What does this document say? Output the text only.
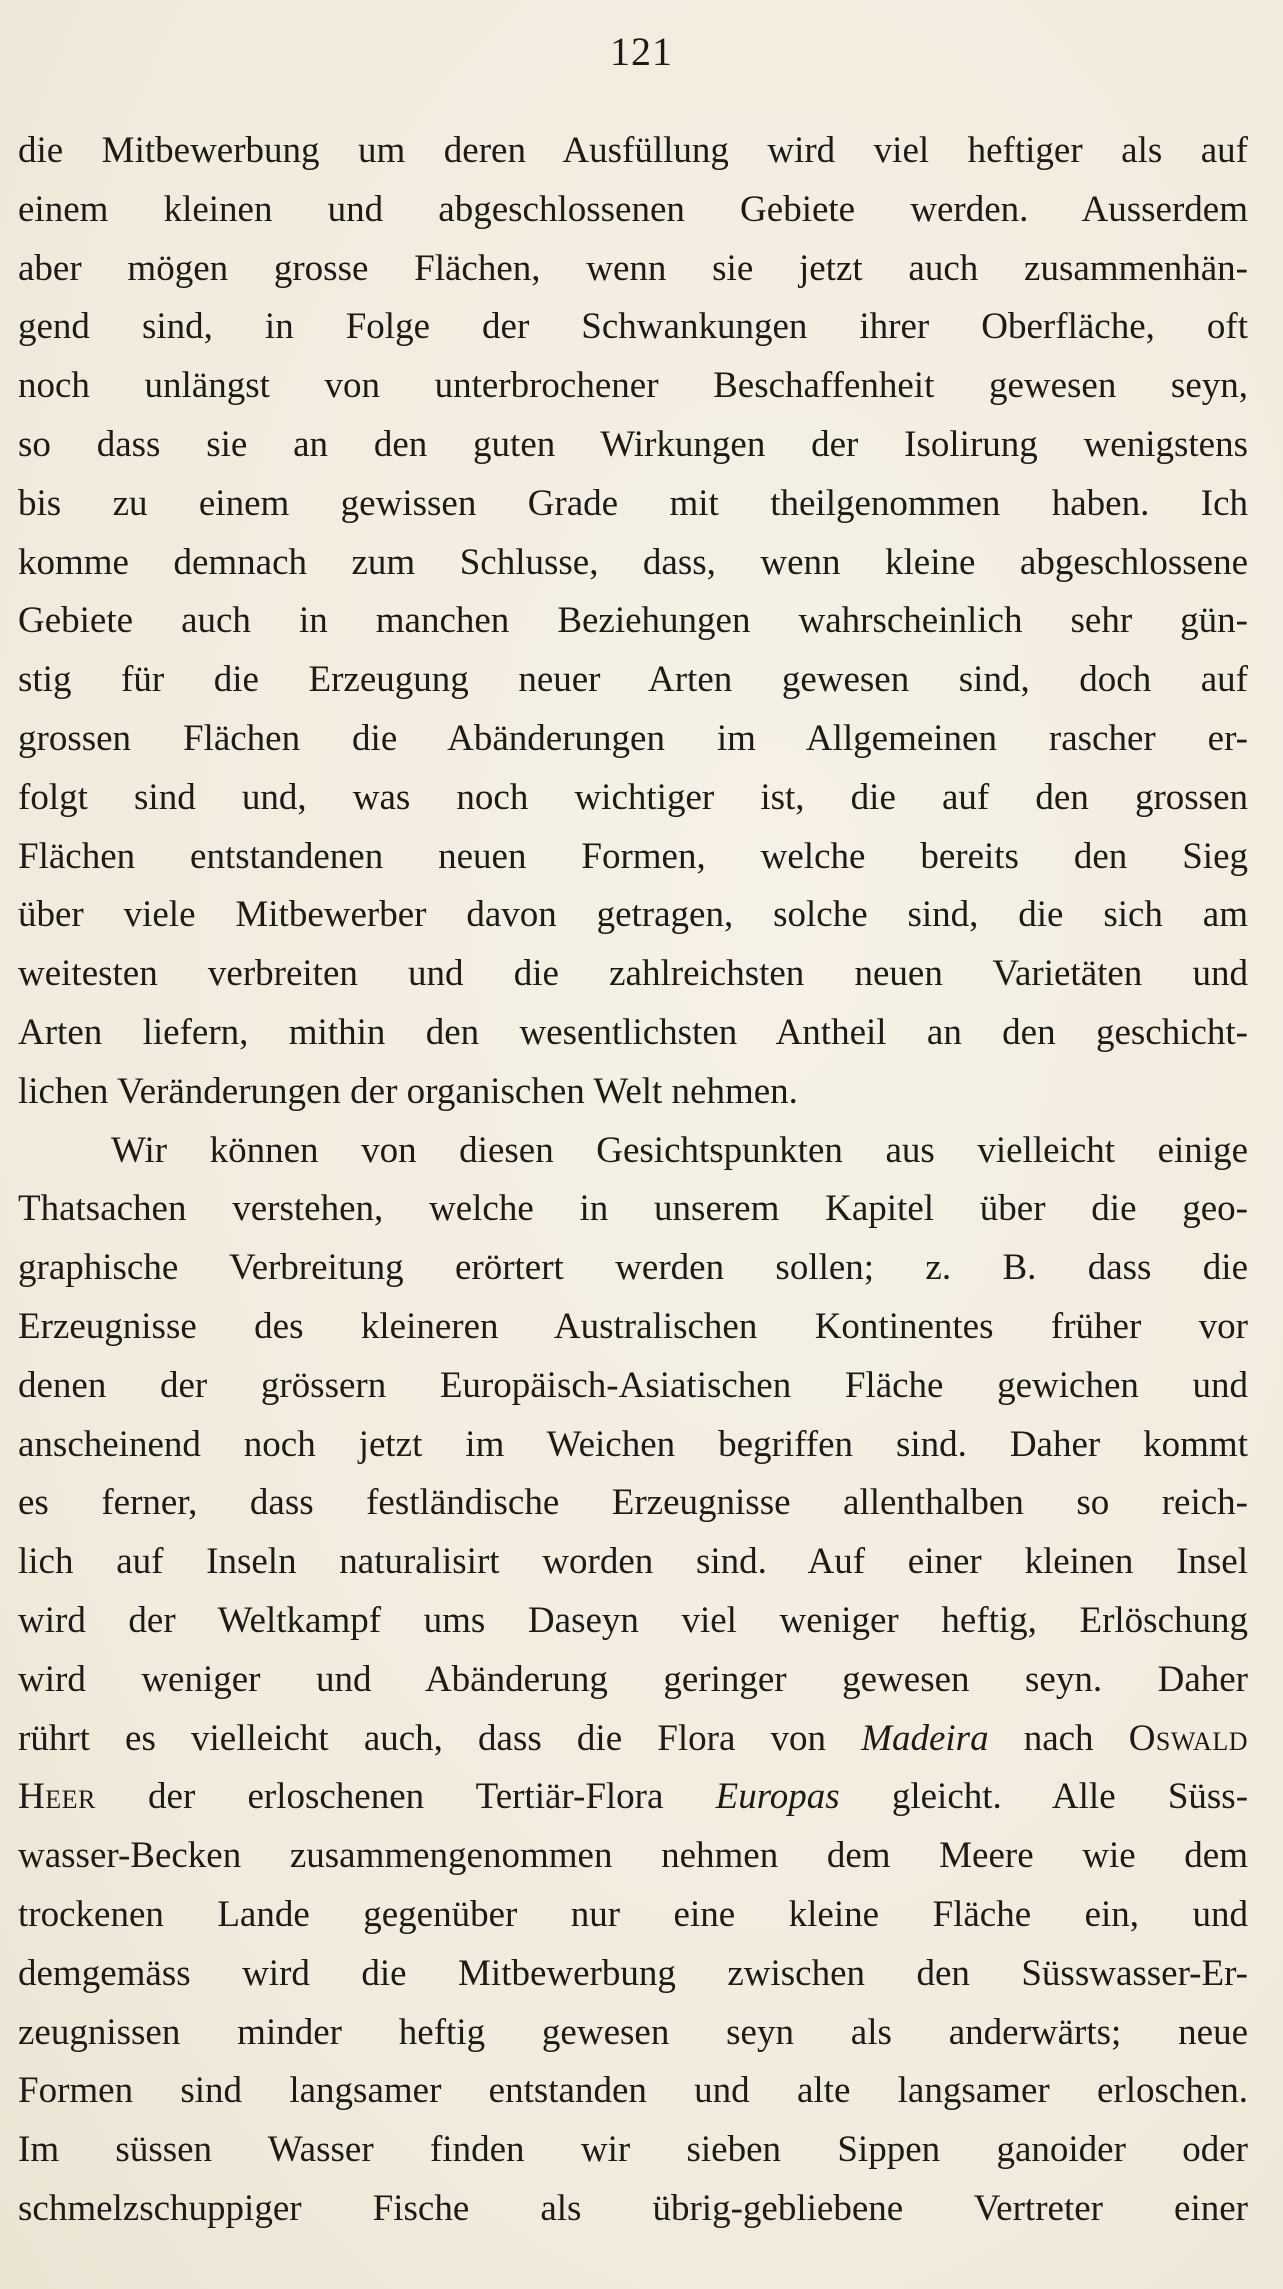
121
die Mitbewerbung um deren Ausfüllung wird viel heftiger als auf
einem kleinen und abgeschlossenen Gebiete werden. Ausserdem
aber mögen grosse Flächen, wenn sie jetzt auch zusammenhän-
gend sind, in Folge der Schwankungen ihrer Oberfläche, oft
noch unlängst von unterbrochener Beschaffenheit gewesen seyn,
so dass sie an den guten Wirkungen der Isolirung wenigstens
bis zu einem gewissen Grade mit theilgenommen haben. Ich
komme demnach zum Schlusse, dass, wenn kleine abgeschlossene
Gebiete auch in manchen Beziehungen wahrscheinlich sehr gün-
stig für die Erzeugung neuer Arten gewesen sind, doch auf
grossen Flächen die Abänderungen im Allgemeinen rascher er-
folgt sind und, was noch wichtiger ist, die auf den grossen
Flächen entstandenen neuen Formen, welche bereits den Sieg
über viele Mitbewerber davon getragen, solche sind, die sich am
weitesten verbreiten und die zahlreichsten neuen Varietäten und
Arten liefern, mithin den wesentlichsten Antheil an den geschicht-
lichen Veränderungen der organischen Welt nehmen.
Wir können von diesen Gesichtspunkten aus vielleicht einige
Thatsachen verstehen, welche in unserem Kapitel über die geo-
graphische Verbreitung erörtert werden sollen; z. B. dass die
Erzeugnisse des kleineren Australischen Kontinentes früher vor
denen der grössern Europäisch-Asiatischen Fläche gewichen und
anscheinend noch jetzt im Weichen begriffen sind. Daher kommt
es ferner, dass festländische Erzeugnisse allenthalben so reich-
lich auf Inseln naturalisirt worden sind. Auf einer kleinen Insel
wird der Weltkampf ums Daseyn viel weniger heftig, Erlöschung
wird weniger und Abänderung geringer gewesen seyn. Daher
rührt es vielleicht auch, dass die Flora von Madeira nach Oswald
Heer der erloschenen Tertiär-Flora Europas gleicht. Alle Süss-
wasser-Becken zusammengenommen nehmen dem Meere wie dem
trockenen Lande gegenüber nur eine kleine Fläche ein, und
demgemäss wird die Mitbewerbung zwischen den Süsswasser-Er-
zeugnissen minder heftig gewesen seyn als anderwärts; neue
Formen sind langsamer entstanden und alte langsamer erloschen.
Im süssen Wasser finden wir sieben Sippen ganoider oder
schmelzschuppiger Fische als übrig-gebliebene Vertreter einer
